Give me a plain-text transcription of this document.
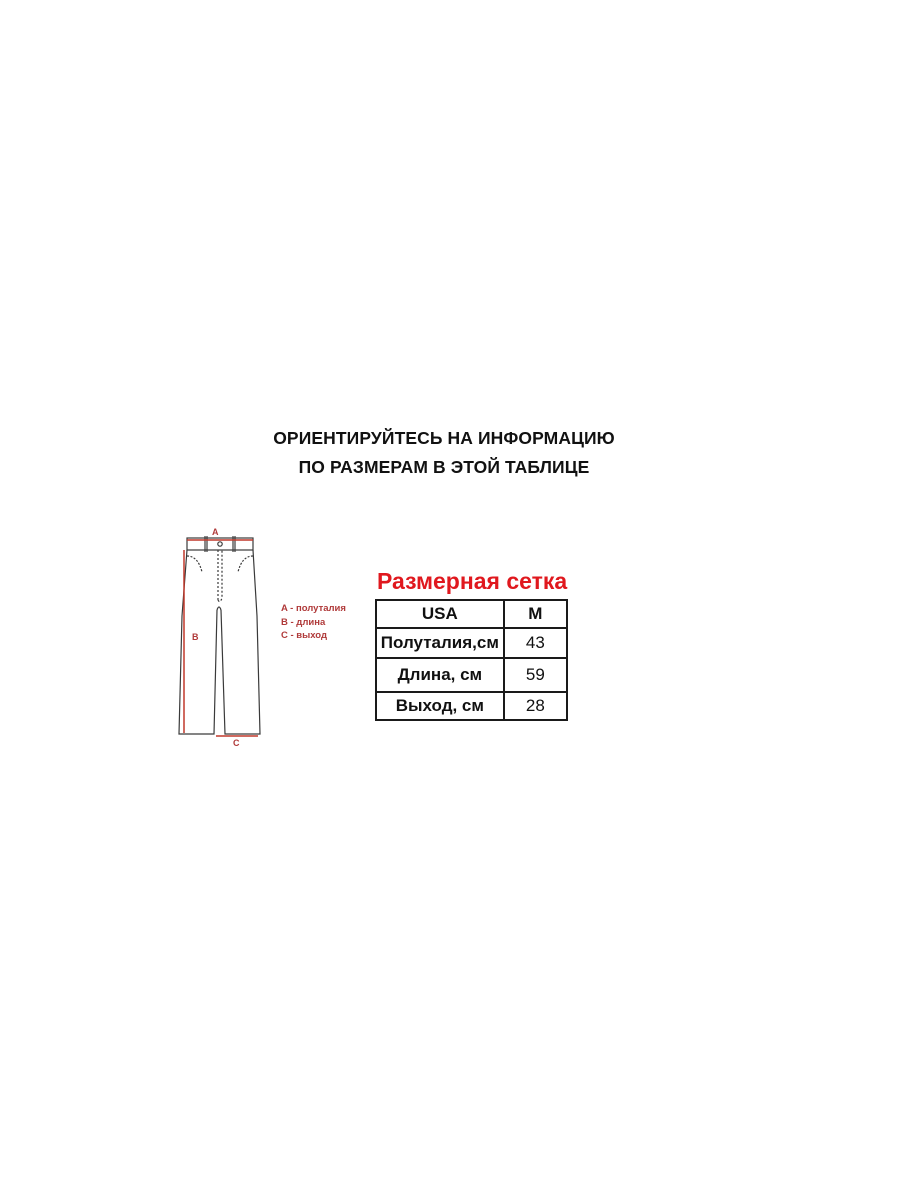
ОРИЕНТИРУЙТЕСЬ НА ИНФОРМАЦИЮ
ПО РАЗМЕРАМ В ЭТОЙ ТАБЛИЦЕ
A
B
C
A - полуталия
B - длина
C - выход
Размерная сетка
USA	M
Полуталия,см	43
Длина, см	59
Выход, см	28
